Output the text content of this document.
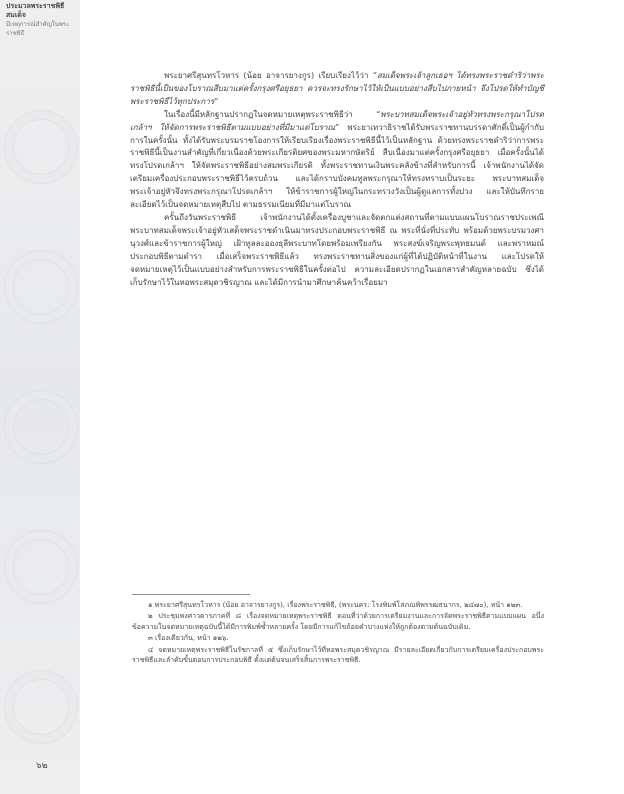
ประมวลพระราชพิธีสมเด็จ
มีเหตุการณ์สำคัญในพระราชพิธี

พระยาศรีสุนทรโวหาร (น้อย อาจารยางกูร) เรียบเรียงไว้ว่า “สมเด็จพระเจ้าลูกเธอฯ ได้ทรงพระราชดำริว่าพระราชพิธีนี้เป็นของโบราณสืบมาแต่ครั้งกรุงศรีอยุธยา ควรจะทรงรักษาไว้ให้เป็นแบบอย่างสืบไปภายหน้า จึงโปรดให้ทำบัญชีพระราชพิธีไว้ทุกประการ”

ในเรื่องนี้มีหลักฐานปรากฏในจดหมายเหตุพระราชพิธีว่า	“พระบาทสมเด็จพระเจ้าอยู่หัวทรงพระกรุณาโปรดเกล้าฯ ให้จัดการพระราชพิธีตามแบบอย่างที่มีมาแต่โบราณ” พระยาเทวาธิราชได้รับพระราชทานบรรดาศักดิ์เป็นผู้กำกับการในครั้งนั้น ทั้งได้รับพระบรมราชโองการให้เรียบเรียงเรื่องพระราชพิธีนี้ไว้เป็นหลักฐาน ด้วยทรงพระราชดำริว่าการพระราชพิธีนี้เป็นงานสำคัญที่เกี่ยวเนื่องด้วยพระเกียรติยศของพระมหากษัตริย์ สืบเนื่องมาแต่ครั้งกรุงศรีอยุธยา เมื่อครั้งนั้นได้ทรงโปรดเกล้าฯ ให้จัดพระราชพิธีอย่างสมพระเกียรติ ทั้งพระราชทานเงินพระคลังข้างที่สำหรับการนี้ เจ้าพนักงานได้จัดเตรียมเครื่องประกอบพระราชพิธีไว้ครบถ้วน และได้กราบบังคมทูลพระกรุณาให้ทรงทราบเป็นระยะ พระบาทสมเด็จพระเจ้าอยู่หัวจึงทรงพระกรุณาโปรดเกล้าฯ ให้ข้าราชการผู้ใหญ่ในกระทรวงวังเป็นผู้ดูแลการทั้งปวง และให้บันทึกรายละเอียดไว้เป็นจดหมายเหตุสืบไป ตามธรรมเนียมที่มีมาแต่โบราณ

ครั้นถึงวันพระราชพิธี เจ้าพนักงานได้ตั้งเครื่องบูชาและจัดตกแต่งสถานที่ตามแบบแผนโบราณราชประเพณี พระบาทสมเด็จพระเจ้าอยู่หัวเสด็จพระราชดำเนินมาทรงประกอบพระราชพิธี ณ พระที่นั่งที่ประทับ พร้อมด้วยพระบรมวงศานุวงศ์และข้าราชการผู้ใหญ่ เฝ้าทูลละอองธุลีพระบาทโดยพร้อมเพรียงกัน พระสงฆ์เจริญพระพุทธมนต์ และพราหมณ์ประกอบพิธีตามตำรา เมื่อเสร็จพระราชพิธีแล้ว ทรงพระราชทานสิ่งของแก่ผู้ที่ได้ปฏิบัติหน้าที่ในงาน และโปรดให้จดหมายเหตุไว้เป็นแบบอย่างสำหรับการพระราชพิธีในครั้งต่อไป ความละเอียดปรากฏในเอกสารสำคัญหลายฉบับ ซึ่งได้เก็บรักษาไว้ในหอพระสมุดวชิรญาณ และได้มีการนำมาศึกษาค้นคว้าเรื่อยมา

๑ พระยาศรีสุนทรโวหาร (น้อย อาจารยางกูร), เรื่องพระราชพิธี, (พระนคร: โรงพิมพ์โสภณพิพรรฒธนากร, ๒๔๗๐), หน้า ๑๒๓.

๒ ประชุมพงศาวดารภาคที่ ๘ เรื่องจดหมายเหตุพระราชพิธี ตอนที่ว่าด้วยการเตรียมงานและการจัดพระราชพิธีตามแบบแผน อนึ่งข้อความในจดหมายเหตุฉบับนี้ได้มีการพิมพ์ซ้ำหลายครั้ง โดยมีการแก้ไขถ้อยคำบางแห่งให้ถูกต้องตามต้นฉบับเดิม.

๓ เรื่องเดียวกัน, หน้า ๑๒๖.

๔ จดหมายเหตุพระราชพิธีในรัชกาลที่ ๕ ซึ่งเก็บรักษาไว้ที่หอพระสมุดวชิรญาณ มีรายละเอียดเกี่ยวกับการเตรียมเครื่องประกอบพระราชพิธีและลำดับขั้นตอนการประกอบพิธี ตั้งแต่ต้นจนเสร็จสิ้นการพระราชพิธี.

๖๒
